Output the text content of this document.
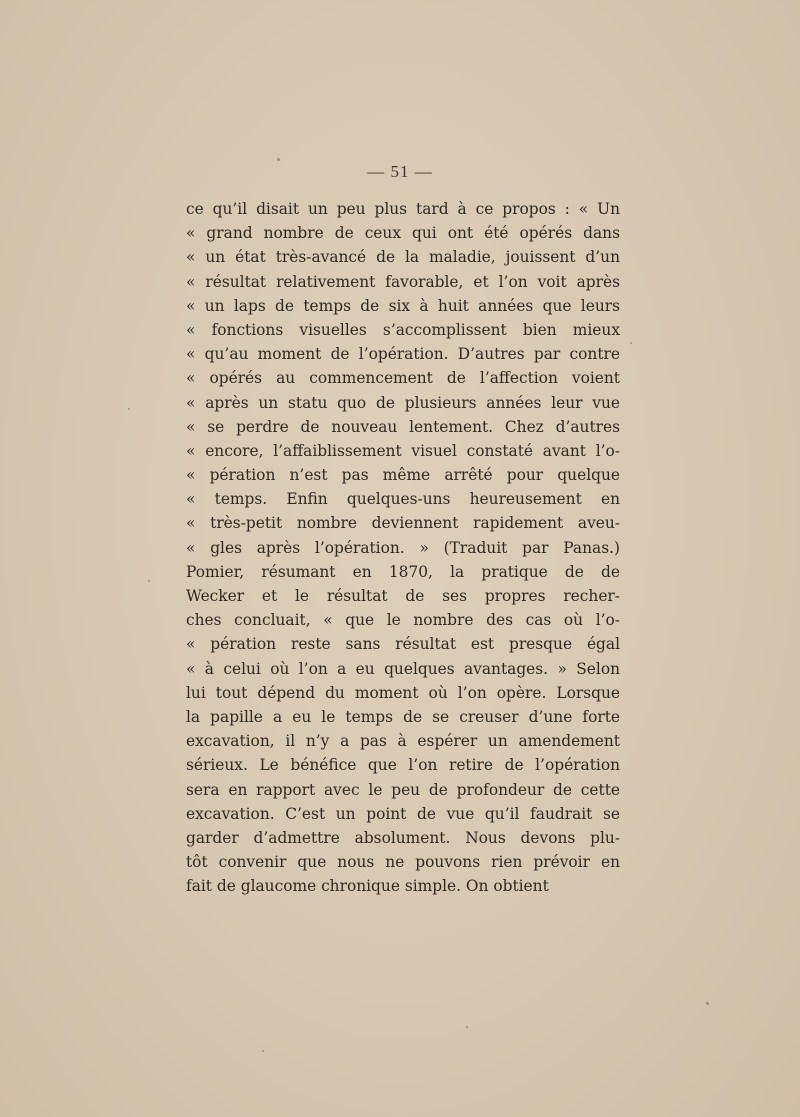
— 51 —
ce qu’il disait un peu plus tard à ce propos : « Un
« grand nombre de ceux qui ont été opérés dans
« un état très-avancé de la maladie, jouissent d’un
« résultat relativement favorable, et l’on voit après
« un laps de temps de six à huit années que leurs
« fonctions visuelles s’accomplissent bien mieux
« qu’au moment de l’opération. D’autres par contre
« opérés au commencement de l’affection voient
« après un statu quo de plusieurs années leur vue
« se perdre de nouveau lentement. Chez d’autres
« encore, l’affaiblissement visuel constaté avant l’o-
« pération n’est pas même arrêté pour quelque
« temps. Enfin quelques-uns heureusement en
« très-petit nombre deviennent rapidement aveu-
« gles après l’opération. » (Traduit par Panas.)
Pomier, résumant en 1870, la pratique de de
Wecker et le résultat de ses propres recher-
ches concluait, « que le nombre des cas où l’o-
« pération reste sans résultat est presque égal
« à celui où l’on a eu quelques avantages. » Selon
lui tout dépend du moment où l’on opère. Lorsque
la papille a eu le temps de se creuser d’une forte
excavation, il n’y a pas à espérer un amendement
sérieux. Le bénéfice que l’on retire de l’opération
sera en rapport avec le peu de profondeur de cette
excavation. C’est un point de vue qu’il faudrait se
garder d’admettre absolument. Nous devons plu-
tôt convenir que nous ne pouvons rien prévoir en
fait de glaucome chronique simple. On obtient
